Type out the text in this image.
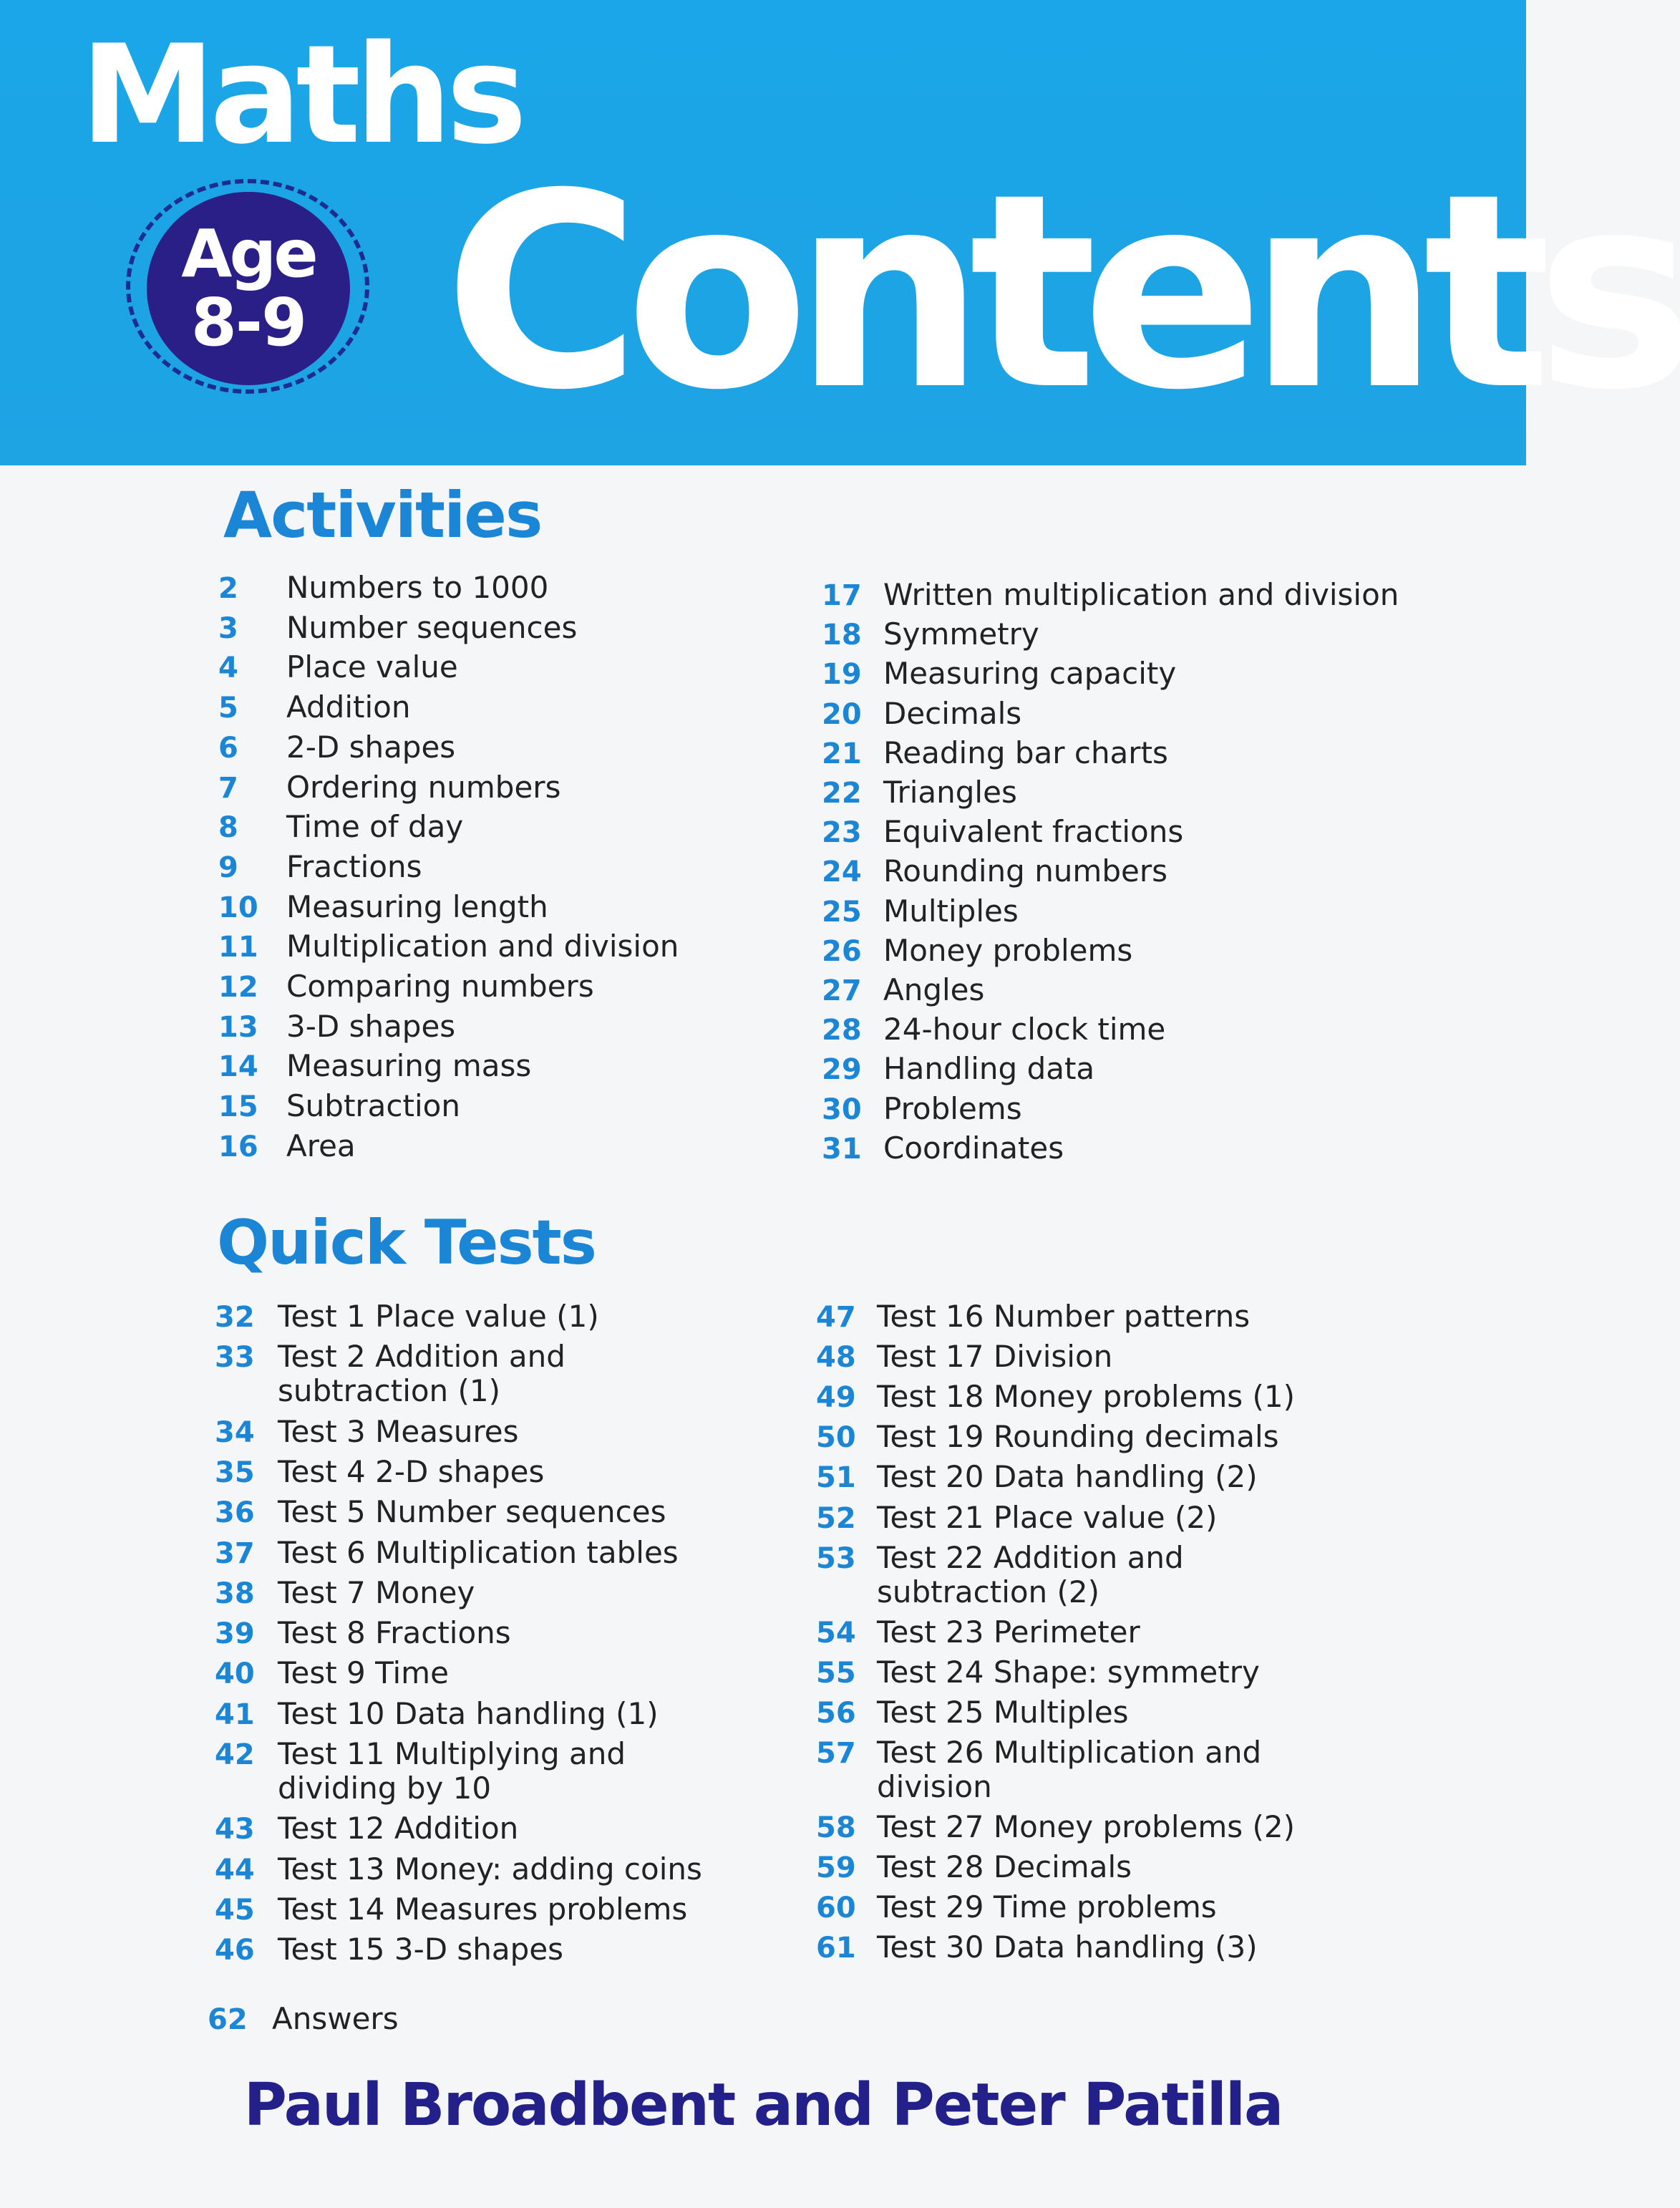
Maths
Age
8-9 Contents
Activities
2 Numbers to 1000
3 Number sequences
4 Place value
5 Addition
6 2-D shapes
7 Ordering numbers
8 Time of day
9 Fractions
10 Measuring length
11 Multiplication and division
12 Comparing numbers
13 3-D shapes
14 Measuring mass
15 Subtraction
16 Area
17 Written multiplication and division
18 Symmetry
19 Measuring capacity
20 Decimals
21 Reading bar charts
22 Triangles
23 Equivalent fractions
24 Rounding numbers
25 Multiples
26 Money problems
27 Angles
28 24-hour clock time
29 Handling data
30 Problems
31 Coordinates
Quick Tests
32 Test 1 Place value (1)
33 Test 2 Addition and
subtraction (1)
34 Test 3 Measures
35 Test 4 2-D shapes
36 Test 5 Number sequences
37 Test 6 Multiplication tables
38 Test 7 Money
39 Test 8 Fractions
40 Test 9 Time
41 Test 10 Data handling (1)
42 Test 11 Multiplying and
dividing by 10
43 Test 12 Addition
44 Test 13 Money: adding coins
45 Test 14 Measures problems
46 Test 15 3-D shapes
47 Test 16 Number patterns
48 Test 17 Division
49 Test 18 Money problems (1)
50 Test 19 Rounding decimals
51 Test 20 Data handling (2)
52 Test 21 Place value (2)
53 Test 22 Addition and
subtraction (2)
54 Test 23 Perimeter
55 Test 24 Shape: symmetry
56 Test 25 Multiples
57 Test 26 Multiplication and
division
58 Test 27 Money problems (2)
59 Test 28 Decimals
60 Test 29 Time problems
61 Test 30 Data handling (3)
62 Answers
Paul Broadbent and Peter Patilla
